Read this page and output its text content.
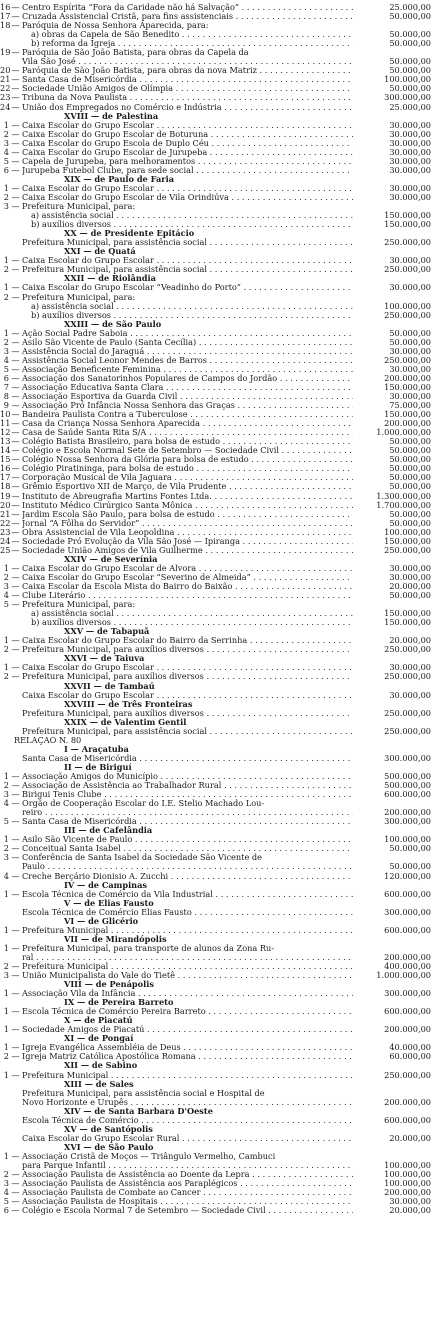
16 — Centro Espírita “Fora da Caridade não há Salvação” . . .	25.000,00
17 — Cruzada Assistencial Cristã, para fins assistenciais . . .	50.000,00
18 — Paróquia de Nossa Senhora Aparecida, para:
a) obras da Capela de São Benedito . . .	50.000,00
b) reforma da Igreja . . .	50.000,00
19 — Paróquia de São João Batista, para obras da Capela da
Vila São José . . .	50.000,00
20 — Paróquia de São João Batista, para obras da nova Matriz . . .	50.000,00
21 — Santa Casa de Misericórdia . . .	100.000,00
22 — Sociedade União Amigos de Olímpia . . .	50.000,00
23 — Tribuna da Nova Paulista . . .	300.000,00
24 — União dos Empregados no Comércio e Indústria . . .	25.000,00
XVIII — de Palestina
1 — Caixa Escolar do Grupo Escolar . . .	30.000,00
2 — Caixa Escolar do Grupo Escolar de Boturuna . . .	30.000,00
3 — Caixa Escolar do Grupo Escola de Duplo Céu . . .	30.000,00
4 — Caixa Escolar do Grupo Escolar de Jurupeba . . .	30.000,00
5 — Capela de Jurupeba, para melhoramentos . . .	30.000,00
6 — Jurupeba Futebol Clube, para sede social . . .	30.000,00
XIX — de Paulo de Faria
1 — Caixa Escolar do Grupo Escolar . . .	30.000,00
2 — Caixa Escolar do Grupo Escolar de Vila Orindiúva . . .	30.000,00
3 — Prefeitura Municipal, para:
a) assistência social . . .	150.000,00
b) auxílios diversos . . .	150.000,00
XX — de Presidente Epitácio
Prefeitura Municipal, para assistência social . . .	250.000,00
XXI — de Quatá
1 — Caixa Escolar do Grupo Escolar . . .	30.000,00
2 — Prefeitura Municipal, para assistência social . . .	250.000,00
XXII — de Riolândia
1 — Caixa Escolar do Grupo Escolar “Veadinho do Porto” . . .	30.000,00
2 — Prefeitura Municipal, para:
a) assistência social . . .	100.000,00
b) auxílios diversos . . .	250.000,00
XXIII — de São Paulo
1 — Ação Social Padre Saboia . . .	50.000,00
2 — Asilo São Vicente de Paulo (Santa Cecília) . . .	50.000,00
3 — Assistência Social do Jaraguá . . .	30.000,00
4 — Assistência Social Leonor Mendes de Barros . . .	250.000,00
5 — Associação Beneficente Feminina . . .	30.000,00
6 — Associação dos Sanatorinhos Populares de Campos do Jordão . . .	200.000,00
7 — Associação Educativa Santa Clara . . .	150.000,00
8 — Associação Esportiva da Guarda Civil . . .	30.000,00
9 — Associação Pró Infância Nossa Senhora das Graças . . .	75.000,00
10 — Bandeira Paulista Contra a Tuberculose . . .	150.000,00
11 — Casa da Criança Nossa Senhora Aparecida . . .	200.000,00
12 — Casa de Saúde Santa Rita S/A . . .	1.000.000,00
13 — Colégio Batista Brasileiro, para bolsa de estudo . . .	50.000,00
14 — Colégio e Escola Normal Sete de Setembro — Sociedade Civil . . .	50.000,00
15 — Colégio Nossa Senhora da Glória para bolsa de estudo . . .	50.000,00
16 — Colégio Piratininga, para bolsa de estudo . . .	50.000,00
17 — Corporação Musical de Vila Jaguara . . .	50.000,00
18 — Grêmio Esportivo XII de Março, de Vila Prudente . . .	50.000,00
19 — Instituto de Abreugrafia Martins Fontes Ltda. . . .	1.300.000,00
20 — Instituto Médico Cirúrgico Santa Mônica . . .	1.700.000,00
21 — Jardim Escola São Paulo, para bolsa de estudo . . .	50.000,00
22 — Jornal “A Fôlha do Servidor” . . .	50.000,00
23 — Obra Assistencial de Vila Leopoldina . . .	100.000,00
24 — Sociedade Pró Evolução da Vila São José — Ipiranga . . .	150.000,00
25 — Sociedade União Amigos de Vila Guilherme . . .	250.000,00
XXIV — de Severínia
1 — Caixa Escolar do Grupo Escolar de Alvora . . .	30.000,00
2 — Caixa Escolar do Grupo Escolar “Severino de Almeida” . . .	30.000,00
3 — Caixa Escolar da Escola Mista do Bairro do Baixão . . .	20.000,00
4 — Clube Literário . . .	50.000,00
5 — Prefeitura Municipal, para:
a) assistência social . . .	150.000,00
b) auxílios diversos . . .	150.000,00
XXV — de Tabapuã
1 — Caixa Escolar do Grupo Escolar do Bairro da Serrinha . . .	20.000,00
2 — Prefeitura Municipal, para auxílios diversos . . .	250.000,00
XXVI — de Taiuva
1 — Caixa Escolar do Grupo Escolar . . .	30.000,00
2 — Prefeitura Municipal, para auxílios diversos . . .	250.000,00
XXVII — de Tambaú
Caixa Escolar do Grupo Escolar . . .	30.000,00
XXVIII — de Três Fronteiras
Prefeitura Municipal, para auxílios diversos . . .	250.000,00
XXIX — de Valentim Gentil
Prefeitura Municipal, para assistência social . . .	250.000,00
RELAÇÃO N. 80
I — Araçatuba
Santa Casa de Misericórdia . . .	300.000,00
II — de Biriguí
1 — Associação Amigos do Município . . .	500.000,00
2 — Associação de Assistência ao Trabalhador Rural . . .	500.000,00
3 — Birigui Tenis Clube . . .	600.000,00
4 — Orgão de Cooperação Escolar do I.E. Stelio Machado Lou-
reiro . . .	200.000,00
5 — Santa Casa de Misericórdia . . .	300.000,00
III — de Cafelândia
1 — Asilo São Vicente de Paulo . . .	100.000,00
2 — Conceitual Santa Isabel . . .	50.000,00
3 — Conferência de Santa Isabel da Sociedade São Vicente de
Paulo . . .	50.000,00
4 — Creche Berçário Dionisio A. Zucchi . . .	120.000,00
IV — de Campinas
1 — Escola Técnica de Comércio da Vila Industrial . . .	600.000,00
V — de Elias Fausto
Escola Técnica de Comércio Elias Fausto . . .	300.000,00
VI — de Glicério
1 — Prefeitura Municipal . . .	600.000,00
VII — de Mirandópolis
1 — Prefeitura Municipal, para transporte de alunos da Zona Ru-
ral . . .	200.000,00
2 — Prefeitura Municipal . . .	400.000,00
3 — União Municipalista do Vale do Tietê . . .	1.000.000,00
VIII — de Penápolis
1 — Associação Vila da Infância . . .	300.000,00
IX — de Pereira Barreto
1 — Escola Técnica de Comércio Pereira Barreto . . .	600.000,00
X — de Piacatú
1 — Sociedade Amigos de Piacatú . . .	200.000,00
XI — de Pongaí
1 — Igreja Evangélica Assembléia de Deus . . .	40.000,00
2 — Igreja Matriz Católica Apostólica Romana . . .	60.000,00
XII — de Sabino
1 — Prefeitura Municipal . . .	250.000,00
XIII — de Sales
Prefeitura Municipal, para assistência social e Hospital de
Novo Horizonte e Urupês . . .	200.000,00
XIV — de Santa Barbara D'Oeste
Escola Técnica de Comércio . . .	600.000,00
XV — de Santópolis
Caixa Escolar do Grupo Escolar Rural . . .	20.000,00
XVI — de São Paulo
1 — Associação Cristã de Moços — Triângulo Vermelho, Cambuci
para Parque Infantil . . .	100.000,00
2 — Associação Paulista de Assistência ao Doente da Lepra . . .	100.000,00
3 — Associação Paulista de Assistência aos Paraplégicos . . .	100.000,00
4 — Associação Paulista de Combate ao Cancer . . .	200.000,00
5 — Associação Paulista de Hospitais . . .	30.000,00
6 — Colégio e Escola Normal 7 de Setembro — Sociedade Civil . . .	20.000,00
